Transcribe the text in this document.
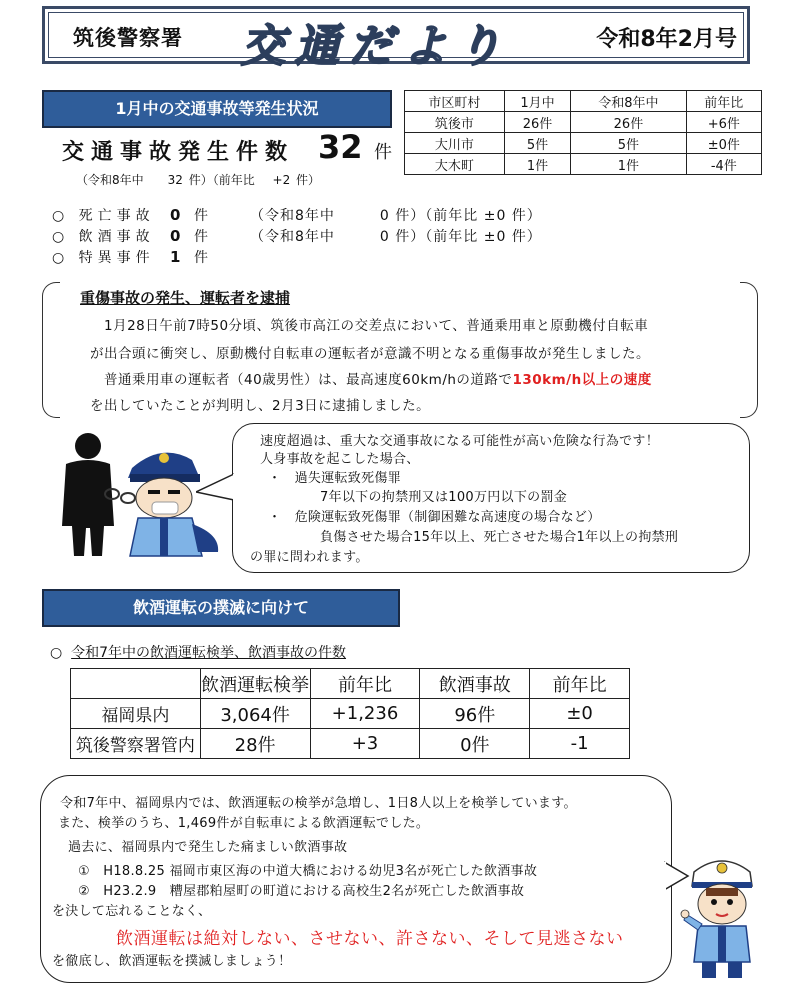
筑後警察署 交通だより	令和8年2月号
1月中の交通事故等発生状況	市区町村	1月中	令和8年中	前年比
筑後市	26件	26件	+6件
大川市	5件	5件	±0件
大木町	1件	1件	-4件
交通事故発生件数 32 件
（令和8年中　　32 件）（前年比　 +2 件）
○ 死亡事故 0 件	（令和8年中　　　0 件）（前年比 ±0 件）
○ 飲酒事故 0 件	（令和8年中　　　0 件）（前年比 ±0 件）
○ 特異事件 1 件
重傷事故の発生、運転者を逮捕
1月28日午前7時50分頃、筑後市高江の交差点において、普通乗用車と原動機付自転車
が出合頭に衝突し、原動機付自転車の運転者が意識不明となる重傷事故が発生しました。
普通乗用車の運転者（40歳男性）は、最高速度60km/hの道路で130km/h以上の速度
を出していたことが判明し、2月3日に逮捕しました。
速度超過は、重大な交通事故になる可能性が高い危険な行為です！
人身事故を起こした場合、
・　過失運転致死傷罪
7年以下の拘禁刑又は100万円以下の罰金
・　危険運転致死傷罪（制御困難な高速度の場合など）
負傷させた場合15年以上、死亡させた場合1年以上の拘禁刑
の罪に問われます。
飲酒運転の撲滅に向けて
○ 令和7年中の飲酒運転検挙、飲酒事故の件数
	飲酒運転検挙	前年比	飲酒事故	前年比
福岡県内	3,064件	+1,236	96件	±0
筑後警察署管内	28件	+3	0件	-1
令和7年中、福岡県内では、飲酒運転の検挙が急増し、1日8人以上を検挙しています。
また、検挙のうち、1,469件が自転車による飲酒運転でした。
過去に、福岡県内で発生した痛ましい飲酒事故
①　H18.8.25 福岡市東区海の中道大橋における幼児3名が死亡した飲酒事故
②　H23.2.9　糟屋郡粕屋町の町道における高校生2名が死亡した飲酒事故
を決して忘れることなく、
飲酒運転は絶対しない、させない、許さない、そして見逃さない
を徹底し、飲酒運転を撲滅しましょう！
